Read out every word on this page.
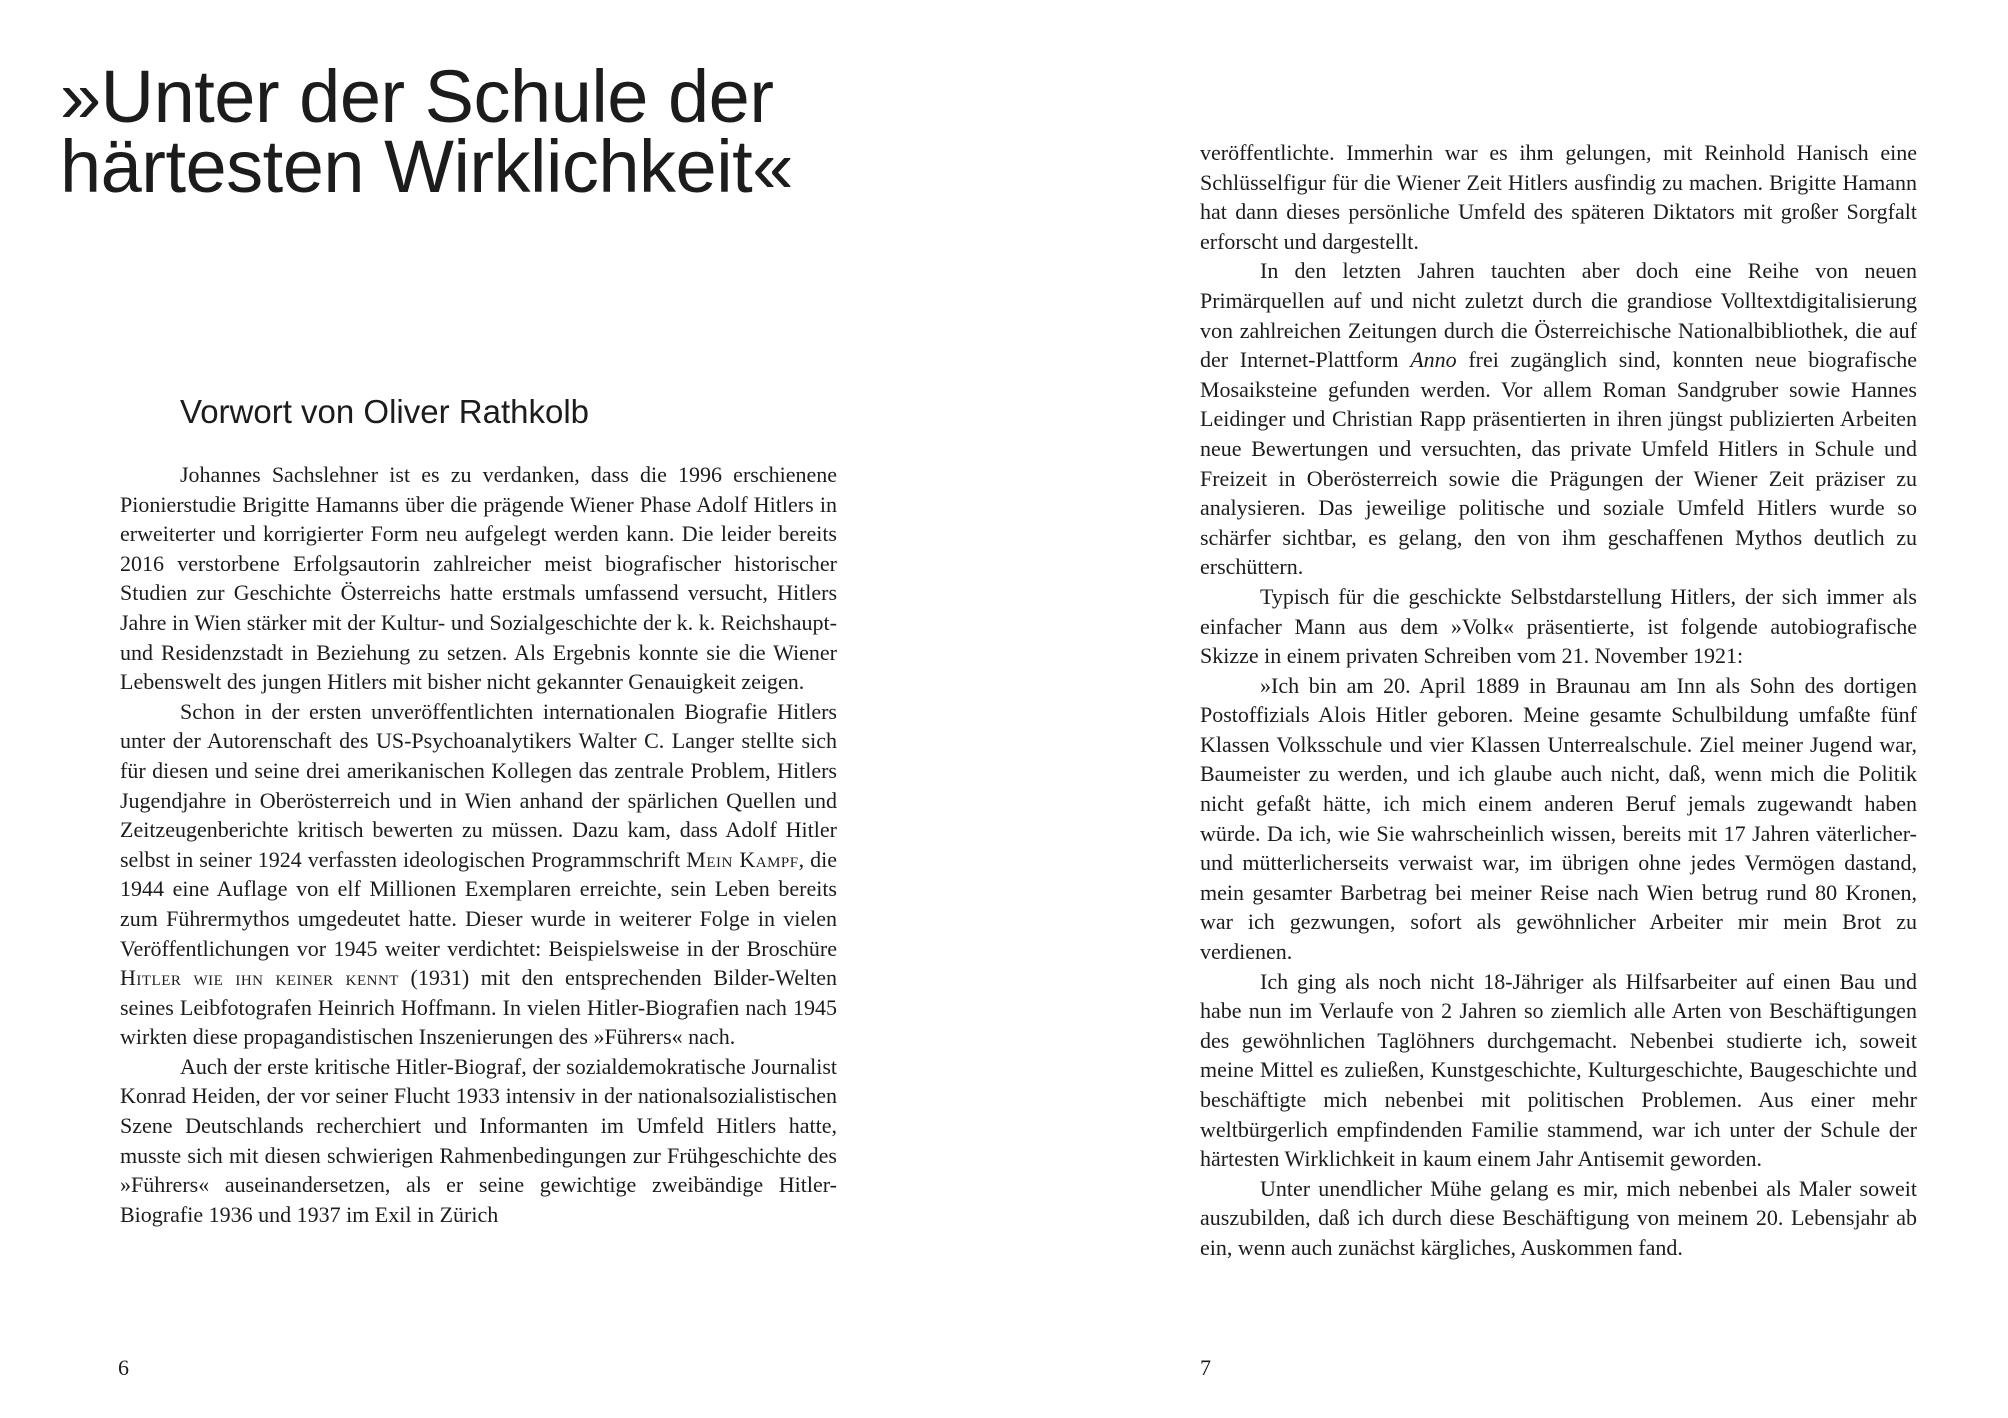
»Unter der Schule der
härtesten Wirklichkeit«
Vorwort von Oliver Rathkolb

Johannes Sachslehner ist es zu verdanken, dass die 1996 erschienene Pionierstudie Brigitte Hamanns über die prägende Wiener Phase Adolf Hitlers in erweiterter und korrigierter Form neu aufgelegt werden kann. Die leider bereits 2016 verstorbene Erfolgsautorin zahlreicher meist biografischer historischer Studien zur Geschichte Österreichs hatte erstmals umfassend versucht, Hitlers Jahre in Wien stärker mit der Kultur- und Sozialgeschichte der k. k. Reichshaupt- und Residenzstadt in Beziehung zu setzen. Als Ergebnis konnte sie die Wiener Lebenswelt des jungen Hitlers mit bisher nicht gekannter Genauigkeit zeigen.

Schon in der ersten unveröffentlichten internationalen Biografie Hitlers unter der Autorenschaft des US-Psychoanalytikers Walter C. Langer stellte sich für diesen und seine drei amerikanischen Kollegen das zentrale Problem, Hitlers Jugendjahre in Oberösterreich und in Wien anhand der spärlichen Quellen und Zeitzeugenberichte kritisch bewerten zu müssen. Dazu kam, dass Adolf Hitler selbst in seiner 1924 verfassten ideologischen Programmschrift Mein Kampf, die 1944 eine Auflage von elf Millionen Exemplaren erreichte, sein Leben bereits zum Führermythos umgedeutet hatte. Dieser wurde in weiterer Folge in vielen Veröffentlichungen vor 1945 weiter verdichtet: Beispielsweise in der Broschüre Hitler wie ihn keiner kennt (1931) mit den entsprechenden Bilder-Welten seines Leibfotografen Heinrich Hoffmann. In vielen Hitler-Biografien nach 1945 wirkten diese propagandistischen Inszenierungen des »Führers« nach.

Auch der erste kritische Hitler-Biograf, der sozialdemokratische Journalist Konrad Heiden, der vor seiner Flucht 1933 intensiv in der nationalsozialistischen Szene Deutschlands recherchiert und Informanten im Umfeld Hitlers hatte, musste sich mit diesen schwierigen Rahmenbedingungen zur Frühgeschichte des »Führers« auseinandersetzen, als er seine gewichtige zweibändige Hitler-Biografie 1936 und 1937 im Exil in Zürich

6

veröffentlichte. Immerhin war es ihm gelungen, mit Reinhold Hanisch eine Schlüsselfigur für die Wiener Zeit Hitlers ausfindig zu machen. Brigitte Hamann hat dann dieses persönliche Umfeld des späteren Diktators mit großer Sorgfalt erforscht und dargestellt.

In den letzten Jahren tauchten aber doch eine Reihe von neuen Primärquellen auf und nicht zuletzt durch die grandiose Volltextdigitalisierung von zahlreichen Zeitungen durch die Österreichische Nationalbibliothek, die auf der Internet-Plattform Anno frei zugänglich sind, konnten neue biografische Mosaiksteine gefunden werden. Vor allem Roman Sandgruber sowie Hannes Leidinger und Christian Rapp präsentierten in ihren jüngst publizierten Arbeiten neue Bewertungen und versuchten, das private Umfeld Hitlers in Schule und Freizeit in Oberösterreich sowie die Prägungen der Wiener Zeit präziser zu analysieren. Das jeweilige politische und soziale Umfeld Hitlers wurde so schärfer sichtbar, es gelang, den von ihm geschaffenen Mythos deutlich zu erschüttern.

Typisch für die geschickte Selbstdarstellung Hitlers, der sich immer als einfacher Mann aus dem »Volk« präsentierte, ist folgende autobiografische Skizze in einem privaten Schreiben vom 21. November 1921:

»Ich bin am 20. April 1889 in Braunau am Inn als Sohn des dortigen Postoffizials Alois Hitler geboren. Meine gesamte Schulbildung umfaßte fünf Klassen Volksschule und vier Klassen Unterrealschule. Ziel meiner Jugend war, Baumeister zu werden, und ich glaube auch nicht, daß, wenn mich die Politik nicht gefaßt hätte, ich mich einem anderen Beruf jemals zugewandt haben würde. Da ich, wie Sie wahrscheinlich wissen, bereits mit 17 Jahren väterlicher- und mütterlicherseits verwaist war, im übrigen ohne jedes Vermögen dastand, mein gesamter Barbetrag bei meiner Reise nach Wien betrug rund 80 Kronen, war ich gezwungen, sofort als gewöhnlicher Arbeiter mir mein Brot zu verdienen.

Ich ging als noch nicht 18-Jähriger als Hilfsarbeiter auf einen Bau und habe nun im Verlaufe von 2 Jahren so ziemlich alle Arten von Beschäftigungen des gewöhnlichen Taglöhners durchgemacht. Nebenbei studierte ich, soweit meine Mittel es zuließen, Kunstgeschichte, Kulturgeschichte, Baugeschichte und beschäftigte mich nebenbei mit politischen Problemen. Aus einer mehr weltbürgerlich empfindenden Familie stammend, war ich unter der Schule der härtesten Wirklichkeit in kaum einem Jahr Antisemit geworden.

Unter unendlicher Mühe gelang es mir, mich nebenbei als Maler soweit auszubilden, daß ich durch diese Beschäftigung von meinem 20. Lebensjahr ab ein, wenn auch zunächst kärgliches, Auskommen fand.

7
